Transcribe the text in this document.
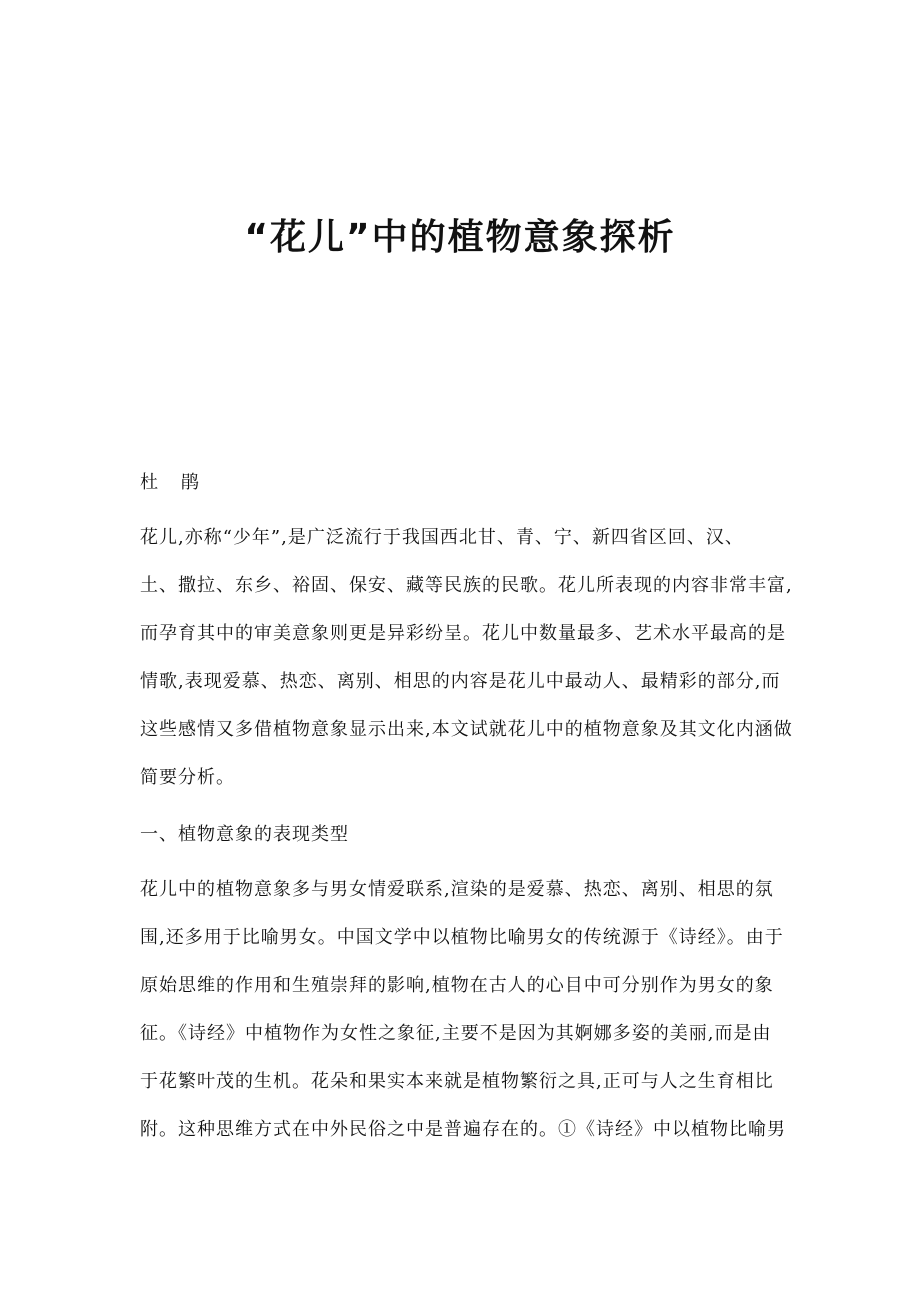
“花儿”中的植物意象探析
杜 鹃
花儿,亦称“少年”,是广泛流行于我国西北甘、青、宁、新四省区回、汉、
土、撒拉、东乡、裕固、保安、藏等民族的民歌。花儿所表现的内容非常丰富,
而孕育其中的审美意象则更是异彩纷呈。花儿中数量最多、艺术水平最高的是
情歌,表现爱慕、热恋、离别、相思的内容是花儿中最动人、最精彩的部分,而
这些感情又多借植物意象显示出来,本文试就花儿中的植物意象及其文化内涵做
简要分析。
一、植物意象的表现类型
花儿中的植物意象多与男女情爱联系,渲染的是爱慕、热恋、离别、相思的氛
围,还多用于比喻男女。中国文学中以植物比喻男女的传统源于《诗经》。由于
原始思维的作用和生殖崇拜的影响,植物在古人的心目中可分别作为男女的象
征。《诗经》中植物作为女性之象征,主要不是因为其婀娜多姿的美丽,而是由
于花繁叶茂的生机。花朵和果实本来就是植物繁衍之具,正可与人之生育相比
附。这种思维方式在中外民俗之中是普遍存在的。①《诗经》中以植物比喻男
